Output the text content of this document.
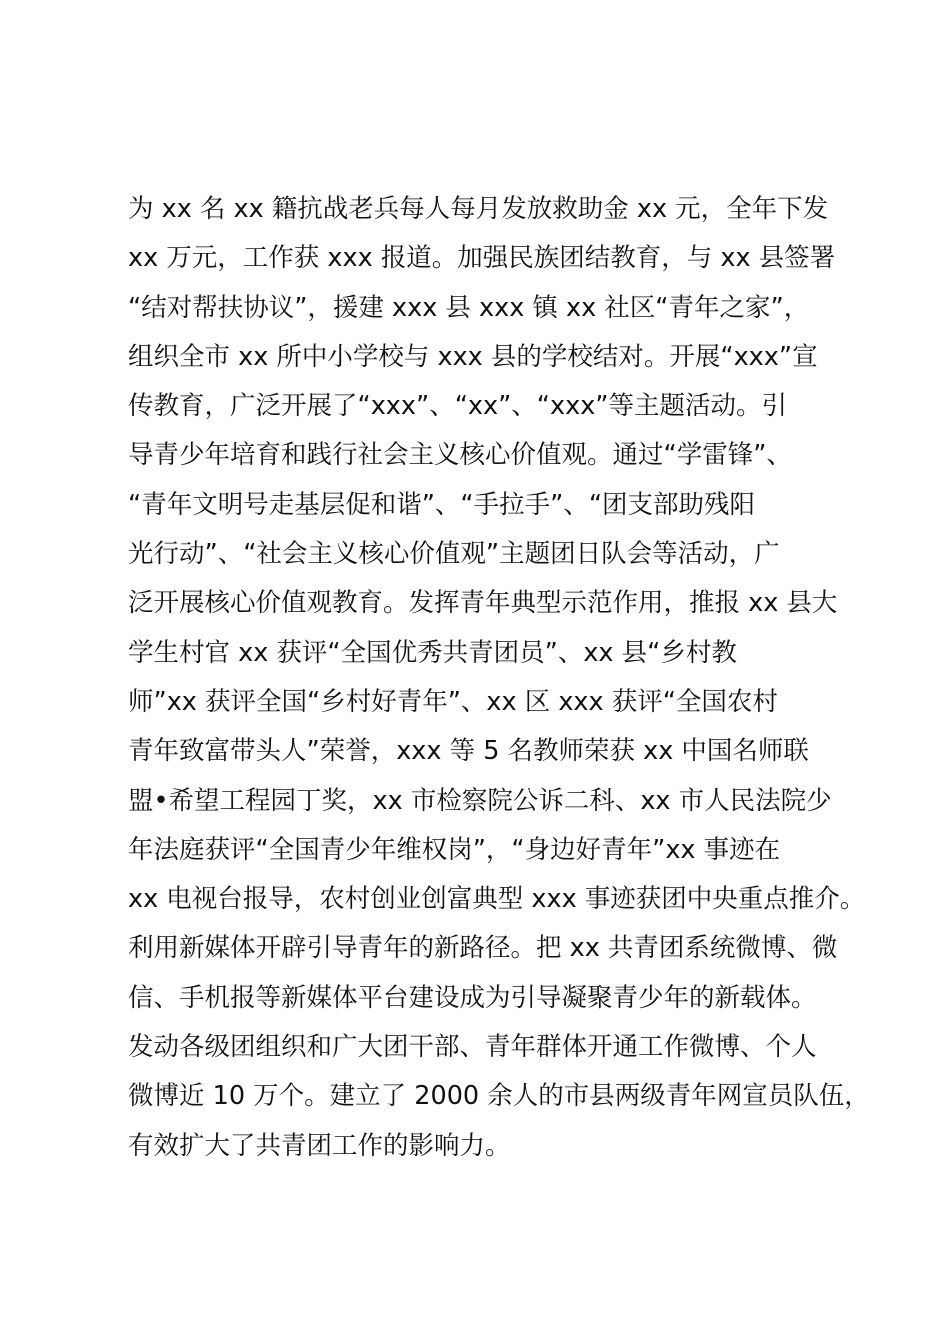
为 xx 名 xx 籍抗战老兵每人每月发放救助金 xx 元，全年下发
xx 万元，工作获 xxx 报道。加强民族团结教育，与 xx 县签署
“结对帮扶协议”，援建 xxx 县 xxx 镇 xx 社区“青年之家”，
组织全市 xx 所中小学校与 xxx 县的学校结对。开展“xxx”宣
传教育，广泛开展了“xxx”、“xx”、“xxx”等主题活动。引
导青少年培育和践行社会主义核心价值观。通过“学雷锋”、
“青年文明号走基层促和谐”、“手拉手”、“团支部助残阳
光行动”、“社会主义核心价值观”主题团日队会等活动，广
泛开展核心价值观教育。发挥青年典型示范作用，推报 xx 县大
学生村官 xx 获评“全国优秀共青团员”、xx 县“乡村教
师”xx 获评全国“乡村好青年”、xx 区 xxx 获评“全国农村
青年致富带头人”荣誉，xxx 等 5 名教师荣获 xx 中国名师联
盟•希望工程园丁奖，xx 市检察院公诉二科、xx 市人民法院少
年法庭获评“全国青少年维权岗”，“身边好青年”xx 事迹在
xx 电视台报导，农村创业创富典型 xxx 事迹获团中央重点推介。
利用新媒体开辟引导青年的新路径。把 xx 共青团系统微博、微
信、手机报等新媒体平台建设成为引导凝聚青少年的新载体。
发动各级团组织和广大团干部、青年群体开通工作微博、个人
微博近 10 万个。建立了 2000 余人的市县两级青年网宣员队伍，
有效扩大了共青团工作的影响力。
